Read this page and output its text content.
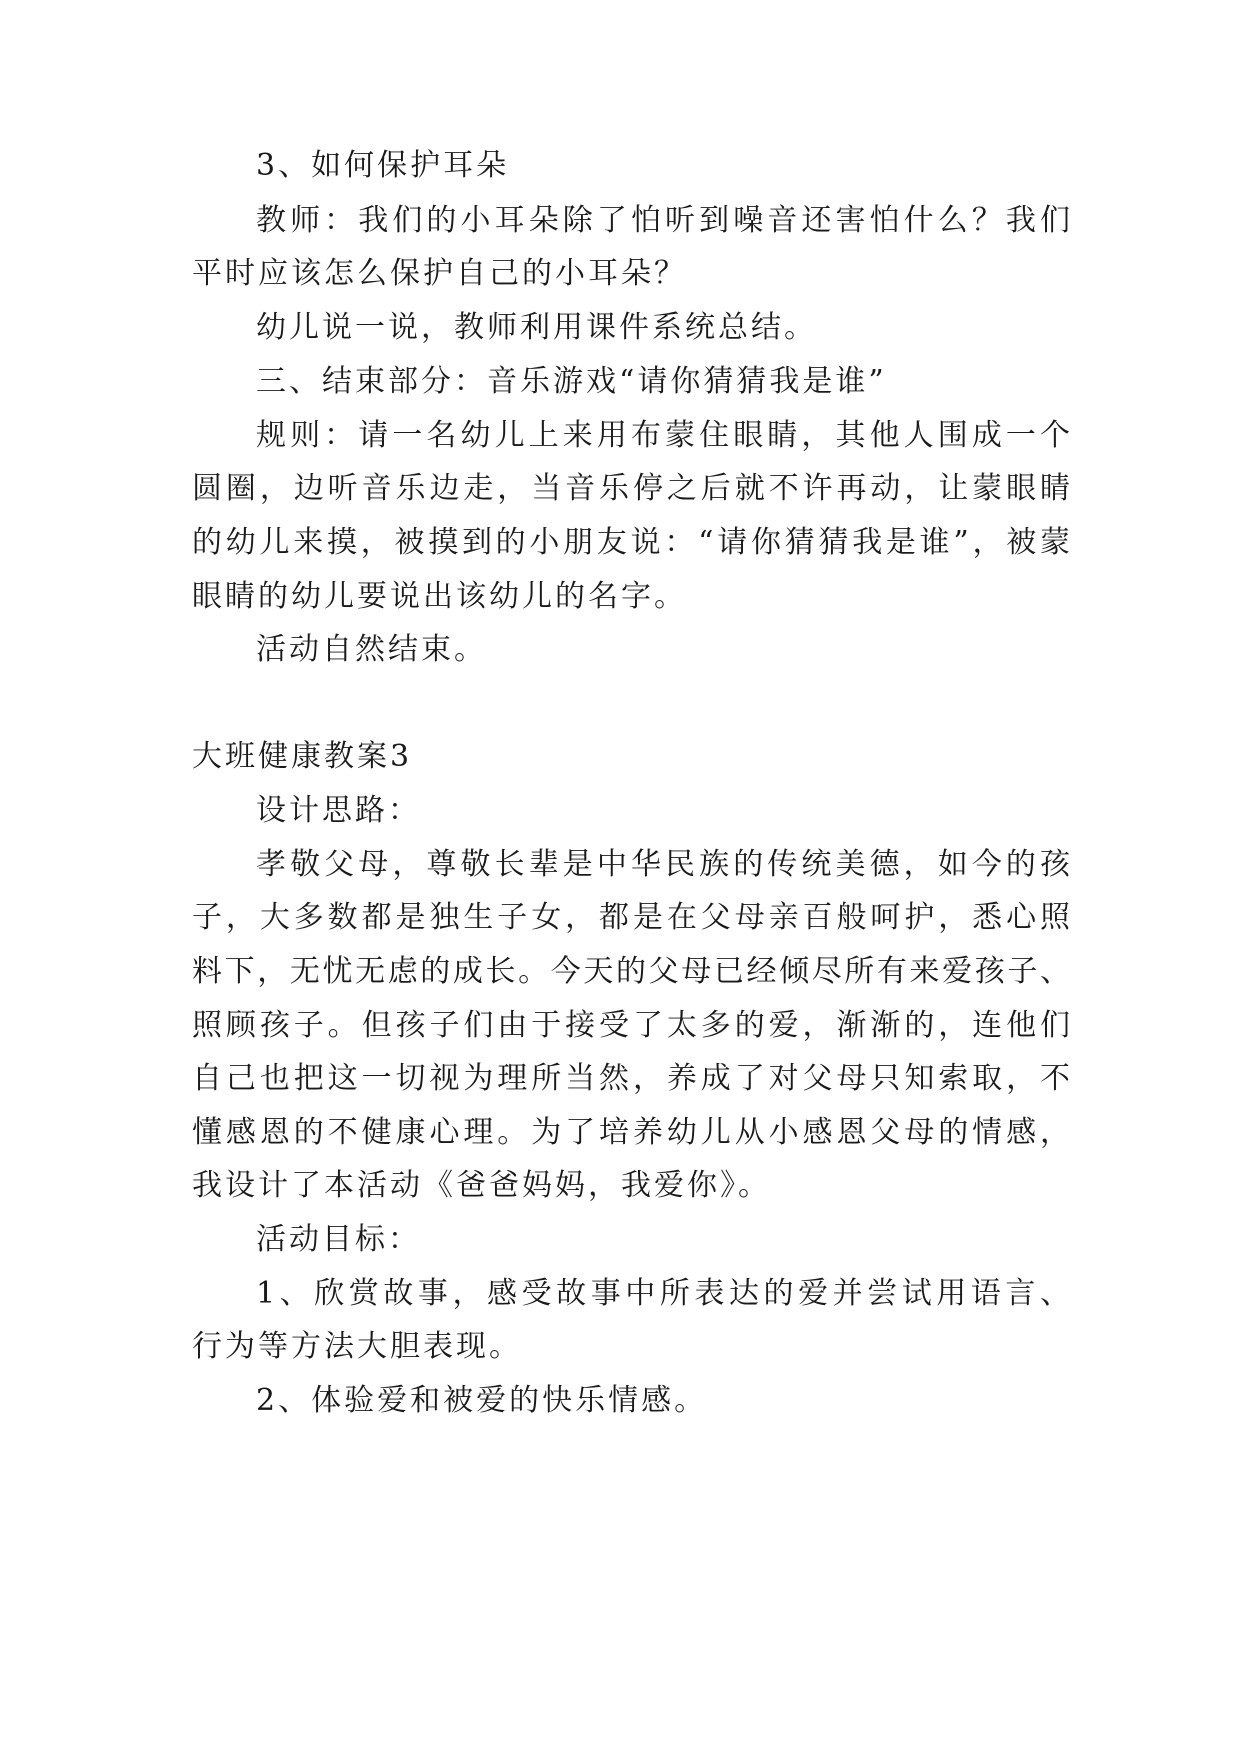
3、如何保护耳朵
教师：我们的小耳朵除了怕听到噪音还害怕什么？我们
平时应该怎么保护自己的小耳朵？
幼儿说一说，教师利用课件系统总结。
三、结束部分：音乐游戏“请你猜猜我是谁”
规则：请一名幼儿上来用布蒙住眼睛，其他人围成一个
圆圈，边听音乐边走，当音乐停之后就不许再动，让蒙眼睛
的幼儿来摸，被摸到的小朋友说：“请你猜猜我是谁”，被蒙
眼睛的幼儿要说出该幼儿的名字。
活动自然结束。
大班健康教案3
设计思路：
孝敬父母，尊敬长辈是中华民族的传统美德，如今的孩
子，大多数都是独生子女，都是在父母亲百般呵护，悉心照
料下，无忧无虑的成长。今天的父母已经倾尽所有来爱孩子、
照顾孩子。但孩子们由于接受了太多的爱，渐渐的，连他们
自己也把这一切视为理所当然，养成了对父母只知索取，不
懂感恩的不健康心理。为了培养幼儿从小感恩父母的情感，
我设计了本活动《爸爸妈妈，我爱你》。
活动目标：
1、欣赏故事，感受故事中所表达的爱并尝试用语言、
行为等方法大胆表现。
2、体验爱和被爱的快乐情感。
